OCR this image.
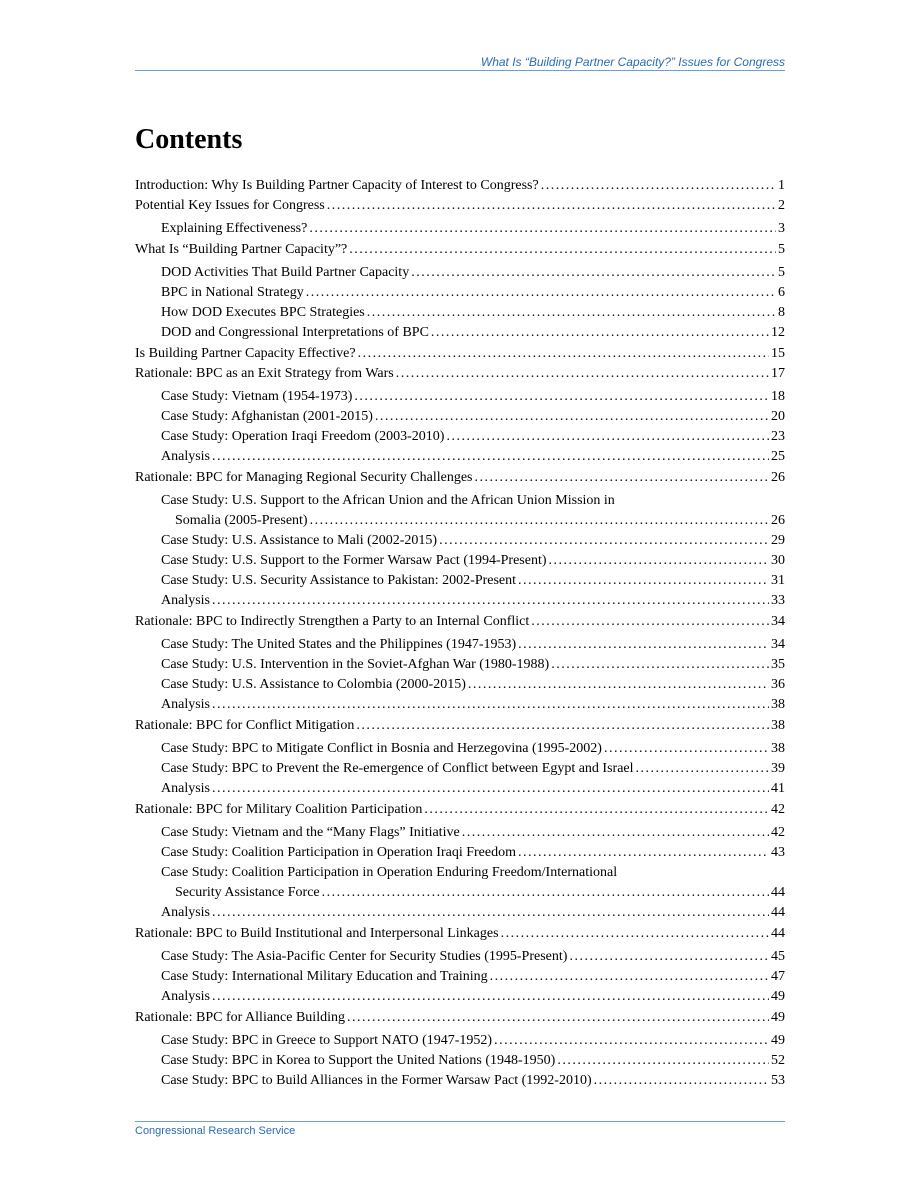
What Is “Building Partner Capacity?” Issues for Congress
Contents
Introduction: Why Is Building Partner Capacity of Interest to Congress? . . .	1
Potential Key Issues for Congress . . .	2
Explaining Effectiveness? . . .	3
What Is “Building Partner Capacity”? . . .	5
DOD Activities That Build Partner Capacity . . .	5
BPC in National Strategy . . .	6
How DOD Executes BPC Strategies . . .	8
DOD and Congressional Interpretations of BPC . . .	12
Is Building Partner Capacity Effective? . . .	15
Rationale: BPC as an Exit Strategy from Wars . . .	17
Case Study: Vietnam (1954-1973) . . .	18
Case Study: Afghanistan (2001-2015) . . .	20
Case Study: Operation Iraqi Freedom (2003-2010) . . .	23
Analysis . . .	25
Rationale: BPC for Managing Regional Security Challenges . . .	26
Case Study: U.S. Support to the African Union and the African Union Mission in
Somalia (2005-Present) . . .	26
Case Study: U.S. Assistance to Mali (2002-2015) . . .	29
Case Study: U.S. Support to the Former Warsaw Pact (1994-Present) . . .	30
Case Study: U.S. Security Assistance to Pakistan: 2002-Present . . .	31
Analysis . . .	33
Rationale: BPC to Indirectly Strengthen a Party to an Internal Conflict . . .	34
Case Study: The United States and the Philippines (1947-1953) . . .	34
Case Study: U.S. Intervention in the Soviet-Afghan War (1980-1988) . . .	35
Case Study: U.S. Assistance to Colombia (2000-2015) . . .	36
Analysis . . .	38
Rationale: BPC for Conflict Mitigation . . .	38
Case Study: BPC to Mitigate Conflict in Bosnia and Herzegovina (1995-2002) . . .	38
Case Study: BPC to Prevent the Re-emergence of Conflict between Egypt and Israel . . .	39
Analysis . . .	41
Rationale: BPC for Military Coalition Participation . . .	42
Case Study: Vietnam and the “Many Flags” Initiative . . .	42
Case Study: Coalition Participation in Operation Iraqi Freedom . . .	43
Case Study: Coalition Participation in Operation Enduring Freedom/International
Security Assistance Force . . .	44
Analysis . . .	44
Rationale: BPC to Build Institutional and Interpersonal Linkages . . .	44
Case Study: The Asia-Pacific Center for Security Studies (1995-Present) . . .	45
Case Study: International Military Education and Training . . .	47
Analysis . . .	49
Rationale: BPC for Alliance Building . . .	49
Case Study: BPC in Greece to Support NATO (1947-1952) . . .	49
Case Study: BPC in Korea to Support the United Nations (1948-1950) . . .	52
Case Study: BPC to Build Alliances in the Former Warsaw Pact (1992-2010) . . .	53
Congressional Research Service
